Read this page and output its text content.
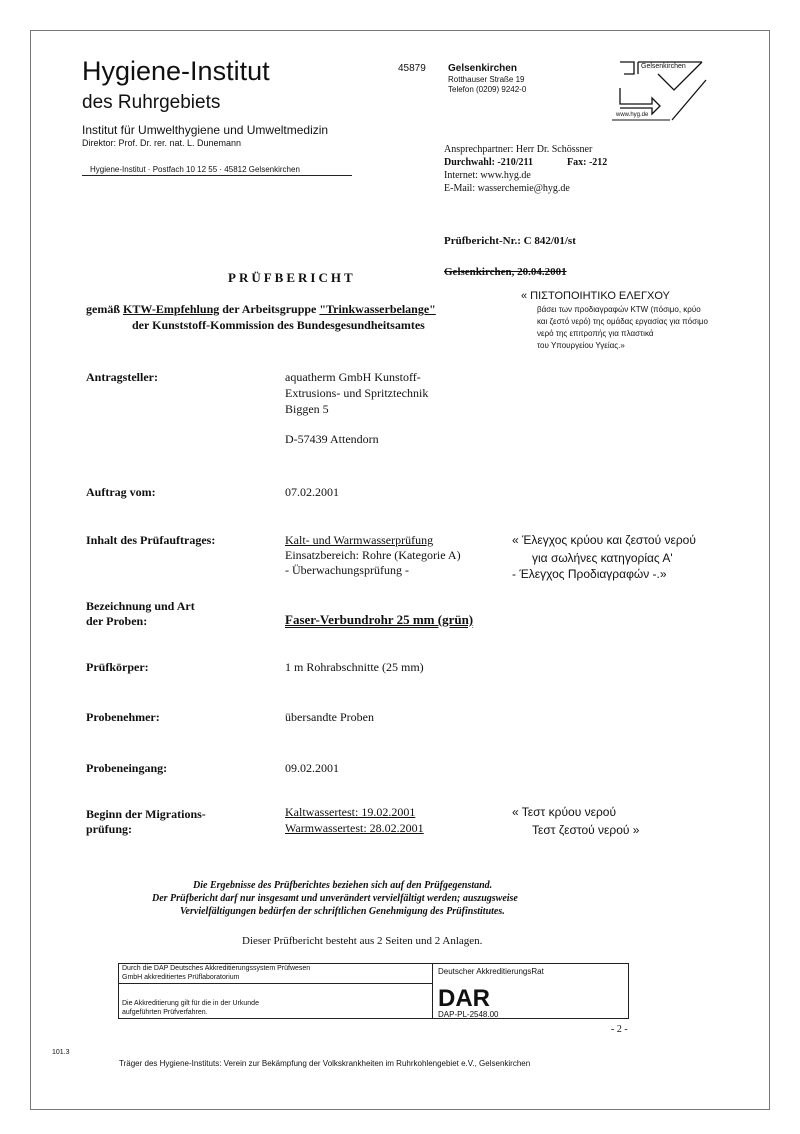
Hygiene-Institut
des Ruhrgebiets
Institut für Umwelthygiene und Umweltmedizin
Direktor: Prof. Dr. rer. nat. L. Dunemann
Hygiene-Institut · Postfach 10 12 55 · 45812 Gelsenkirchen
45879 Gelsenkirchen
Rotthauser Straße 19
Telefon (0209) 9242-0
Gelsenkirchen
www.hyg.de
Ansprechpartner: Herr Dr. Schössner
Durchwahl: -210/211	Fax: -212
Internet: www.hyg.de
E-Mail: wasserchemie@hyg.de
Prüfbericht-Nr.: C 842/01/st
Gelsenkirchen, 20.04.2001
PRÜFBERICHT
gemäß KTW-Empfehlung der Arbeitsgruppe "Trinkwasserbelange"
der Kunststoff-Kommission des Bundesgesundheitsamtes
« ΠΙΣΤΟΠΟΙΗΤΙΚΟ ΕΛΕΓΧΟΥ
βάσει των προδιαγραφών KTW (πόσιμο, κρύο
και ζεστό νερό) της ομάδας εργασίας για πόσιμο
νερό της επιτροπής για πλαστικά
του Υπουργείου Υγείας.»
Antragsteller:	aquatherm GmbH Kunstoff-
Extrusions- und Spritztechnik
Biggen 5
D-57439 Attendorn
Auftrag vom:	07.02.2001
Inhalt des Prüfauftrages:	Kalt- und Warmwasserprüfung
Einsatzbereich: Rohre (Kategorie A)
- Überwachungsprüfung -
« Έλεγχος κρύου και ζεστού νερού
για σωλήνες κατηγορίας Α'
- Έλεγχος Προδιαγραφών -.»
Bezeichnung und Art
der Proben:	Faser-Verbundrohr 25 mm (grün)
Prüfkörper:	1 m Rohrabschnitte (25 mm)
Probenehmer:	übersandte Proben
Probeneingang:	09.02.2001
Beginn der Migrations-
prüfung:
Kaltwassertest: 19.02.2001
Warmwassertest: 28.02.2001
« Τεστ κρύου νερού
Τεστ ζεστού νερού »
Die Ergebnisse des Prüfberichtes beziehen sich auf den Prüfgegenstand.
Der Prüfbericht darf nur insgesamt und unverändert vervielfältigt werden; auszugsweise
Vervielfältigungen bedürfen der schriftlichen Genehmigung des Prüfinstitutes.
Dieser Prüfbericht besteht aus 2 Seiten und 2 Anlagen.
Durch die DAP Deutsches Akkreditierungssystem Prüfwesen
GmbH akkreditiertes Prüflaboratorium
Die Akkreditierung gilt für die in der Urkunde
aufgeführten Prüfverfahren.
Deutscher AkkreditierungsRat
DAR
DAP-PL-2548.00
- 2 -
101.3
Träger des Hygiene-Instituts: Verein zur Bekämpfung der Volkskrankheiten im Ruhrkohlengebiet e.V., Gelsenkirchen
